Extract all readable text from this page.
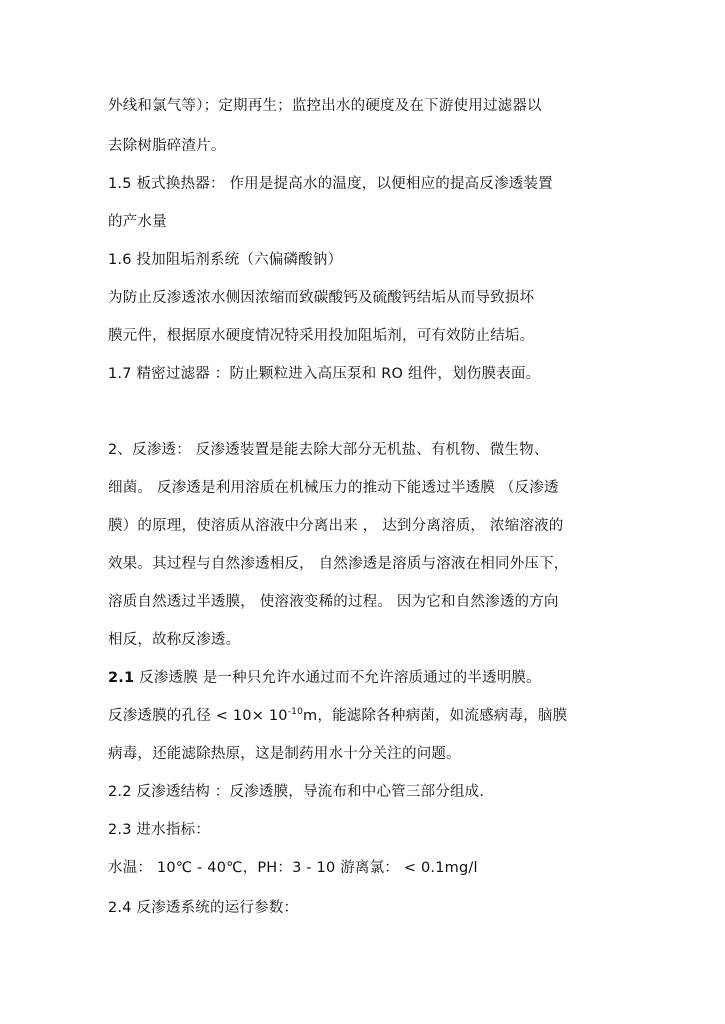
外线和氯气等）；定期再生；监控出水的硬度及在下游使用过滤器以
去除树脂碎渣片。
1.5 板式换热器： 作用是提高水的温度，以便相应的提高反渗透装置
的产水量
1.6 投加阻垢剂系统（六偏磷酸钠）
为防止反渗透浓水侧因浓缩而致碳酸钙及硫酸钙结垢从而导致损坏
膜元件，根据原水硬度情况特采用投加阻垢剂，可有效防止结垢。
1.7 精密过滤器 ：防止颗粒进入高压泵和 RO 组件，划伤膜表面。
2、反渗透： 反渗透装置是能去除大部分无机盐、有机物、微生物、
细菌。 反渗透是利用溶质在机械压力的推动下能透过半透膜 （反渗透
膜）的原理，使溶质从溶液中分离出来 ， 达到分离溶质， 浓缩溶液的
效果。其过程与自然渗透相反， 自然渗透是溶质与溶液在相同外压下，
溶质自然透过半透膜， 使溶液变稀的过程。 因为它和自然渗透的方向
相反，故称反渗透。
2.1 反渗透膜 是一种只允许水通过而不允许溶质通过的半透明膜。
反渗透膜的孔径 < $10\times 10^{-10}m$，能滤除各种病菌，如流感病毒，脑膜
病毒，还能滤除热原，这是制药用水十分关注的问题。
2.2 反渗透结构 ：反渗透膜，导流布和中心管三部分组成．
2.3 进水指标：
水温： 10℃ - 40℃，PH：3 - 10 游离氯： < 0.1mg/l
2.4 反渗透系统的运行参数：
